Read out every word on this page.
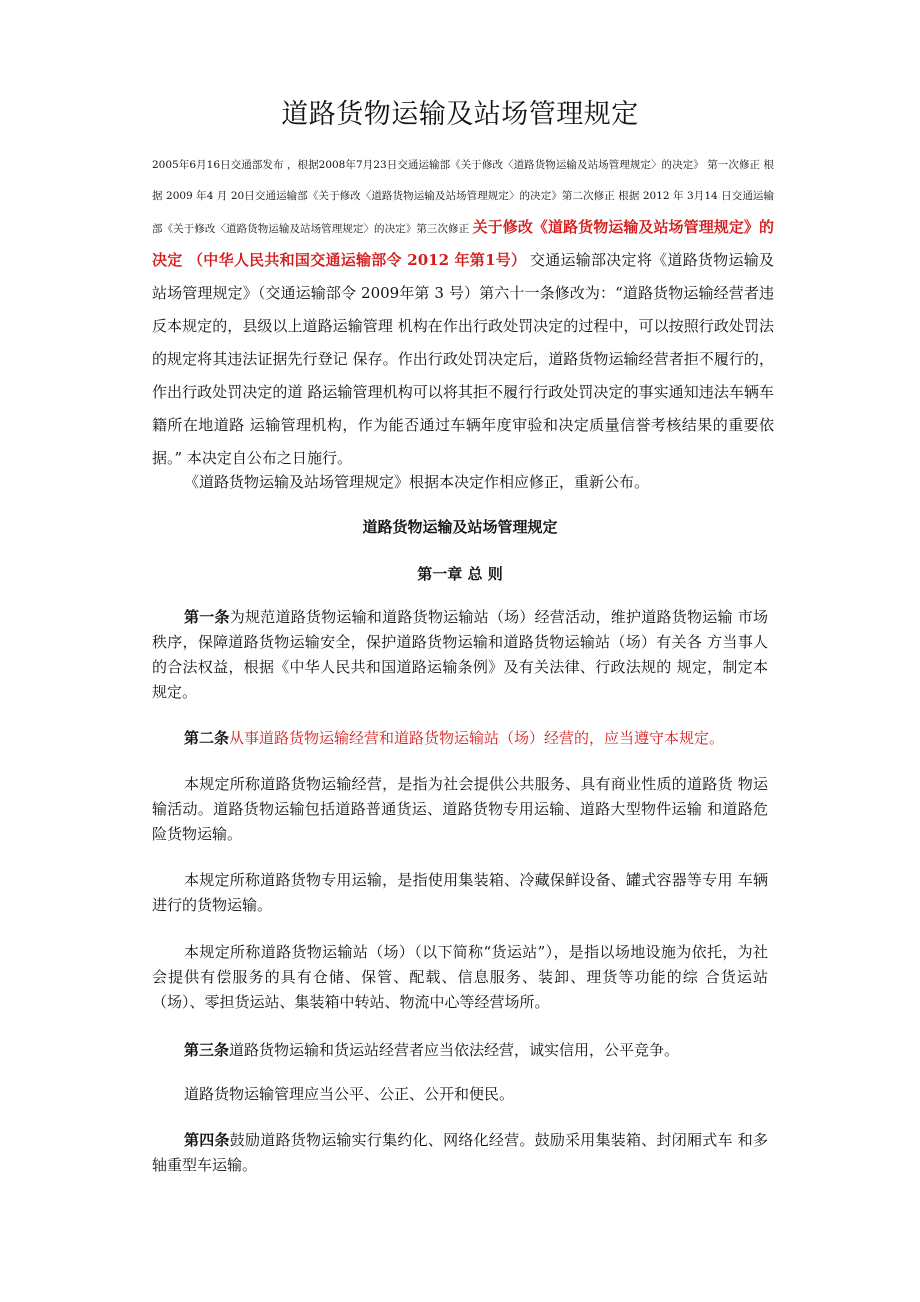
道路货物运输及站场管理规定
2005年6月16日交通部发布 ，根据2008年7月23日交通运输部《关于修改〈道路货物运输及站场管理规定〉的决定》 第一次修正 根据 2009 年4 月 20日交通运输部《关于修改〈道路货物运输及站场管理规定〉的决定》第二次修正 根据 2012 年 3月14 日交通运输部《关于修改〈道路货物运输及站场管理规定〉的决定》第三次修正 关于修改《道路货物运输及站场管理规定》的决定 （中华人民共和国交通运输部令 2012 年第1号） 交通运输部决定将《道路货物运输及站场管理规定》（交通运输部令 2009年第 3 号）第六十一条修改为：“道路货物运输经营者违反本规定的，县级以上道路运输管理 机构在作出行政处罚决定的过程中，可以按照行政处罚法的规定将其违法证据先行登记 保存。作出行政处罚决定后，道路货物运输经营者拒不履行的，作出行政处罚决定的道 路运输管理机构可以将其拒不履行行政处罚决定的事实通知违法车辆车籍所在地道路 运输管理机构，作为能否通过车辆年度审验和决定质量信誉考核结果的重要依据。” 本决定自公布之日施行。
《道路货物运输及站场管理规定》根据本决定作相应修正，重新公布。
道路货物运输及站场管理规定
第一章 总 则
第一条为规范道路货物运输和道路货物运输站（场）经营活动，维护道路货物运输 市场秩序，保障道路货物运输安全，保护道路货物运输和道路货物运输站（场）有关各 方当事人的合法权益，根据《中华人民共和国道路运输条例》及有关法律、行政法规的 规定，制定本规定。
第二条从事道路货物运输经营和道路货物运输站（场）经营的，应当遵守本规定。
本规定所称道路货物运输经营，是指为社会提供公共服务、具有商业性质的道路货 物运输活动。道路货物运输包括道路普通货运、道路货物专用运输、道路大型物件运输 和道路危险货物运输。
本规定所称道路货物专用运输，是指使用集装箱、冷藏保鲜设备、罐式容器等专用 车辆进行的货物运输。
本规定所称道路货物运输站（场）（以下简称“货运站”），是指以场地设施为依托，为社会提供有偿服务的具有仓储、保管、配载、信息服务、装卸、理货等功能的综 合货运站（场）、零担货运站、集装箱中转站、物流中心等经营场所。
第三条道路货物运输和货运站经营者应当依法经营，诚实信用，公平竞争。
道路货物运输管理应当公平、公正、公开和便民。
第四条鼓励道路货物运输实行集约化、网络化经营。鼓励采用集装箱、封闭厢式车 和多轴重型车运输。
